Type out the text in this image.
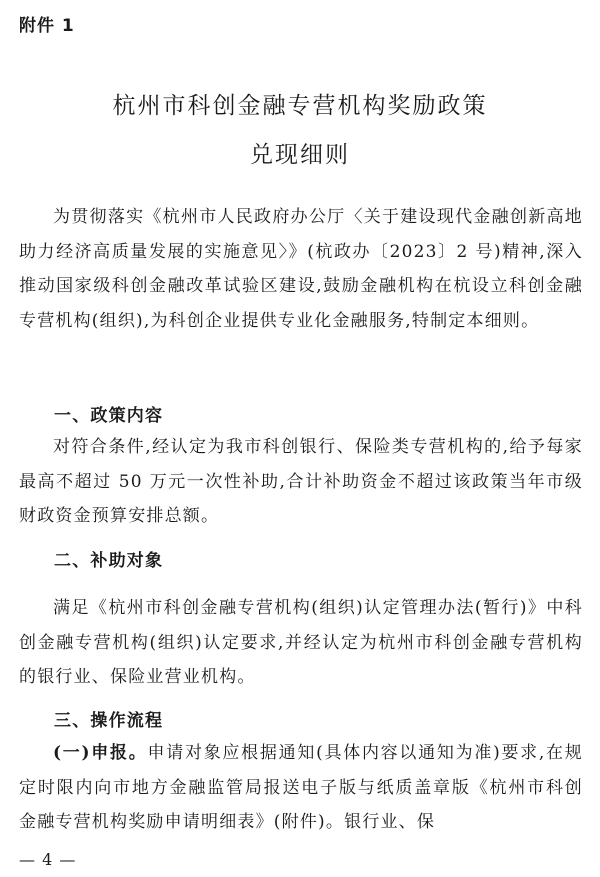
附件 1
杭州市科创金融专营机构奖励政策
兑现细则

为贯彻落实《杭州市人民政府办公厅〈关于建设现代金融创新高地助力经济高质量发展的实施意见〉》(杭政办〔2023〕2 号)精神,深入推动国家级科创金融改革试验区建设,鼓励金融机构在杭设立科创金融专营机构(组织),为科创企业提供专业化金融服务,特制定本细则。

一、政策内容

对符合条件,经认定为我市科创银行、保险类专营机构的,给予每家最高不超过 50 万元一次性补助,合计补助资金不超过该政策当年市级财政资金预算安排总额。

二、补助对象

满足《杭州市科创金融专营机构(组织)认定管理办法(暂行)》中科创金融专营机构(组织)认定要求,并经认定为杭州市科创金融专营机构的银行业、保险业营业机构。

三、操作流程

(一)申报。申请对象应根据通知(具体内容以通知为准)要求,在规定时限内向市地方金融监管局报送电子版与纸质盖章版《杭州市科创金融专营机构奖励申请明细表》(附件)。银行业、保

— 4 —
